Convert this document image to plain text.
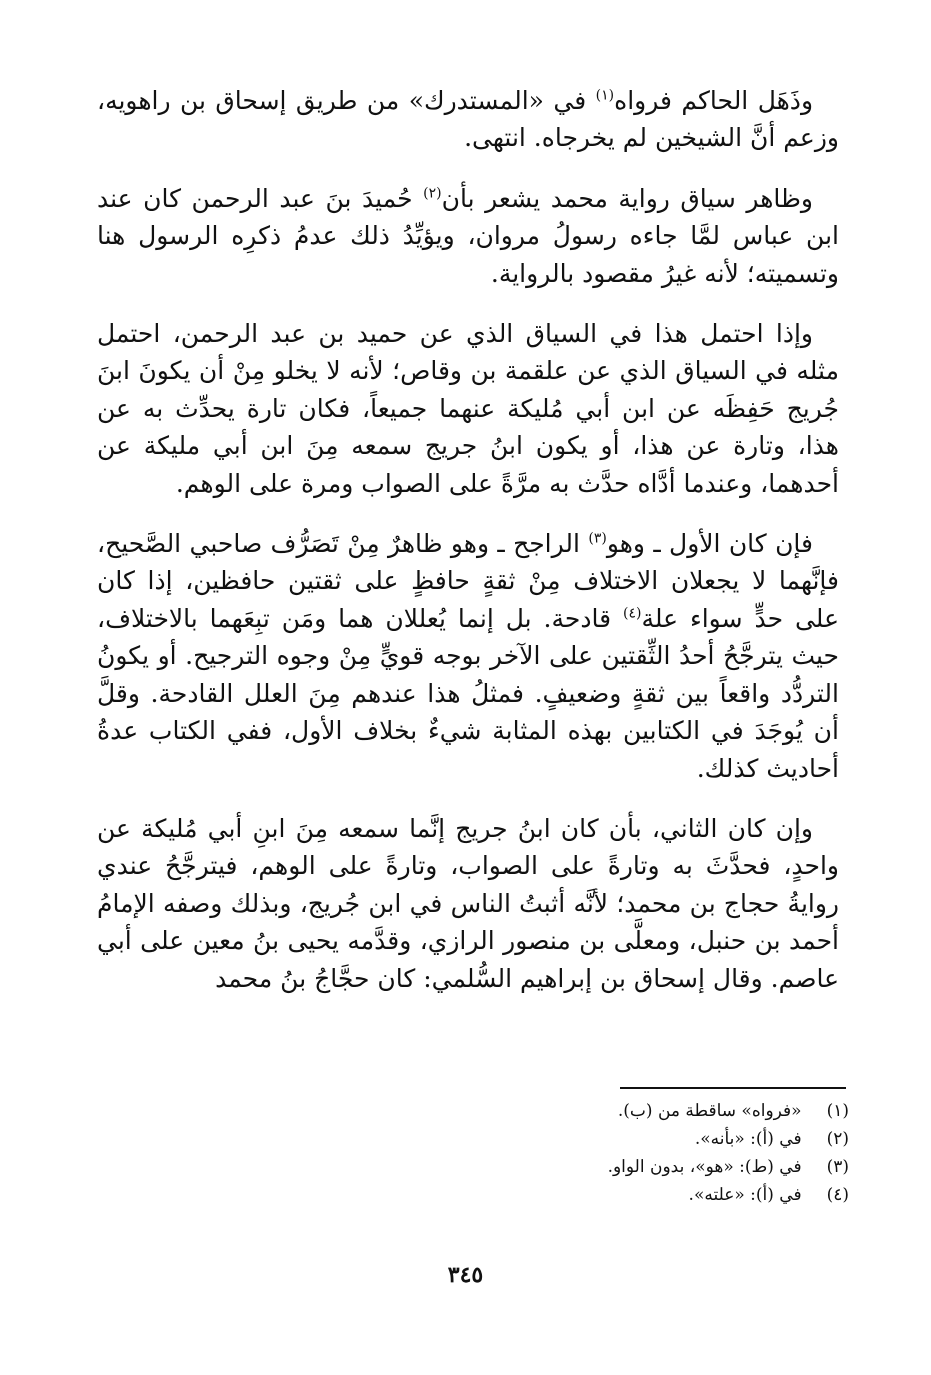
وذَهَل الحاكم فرواه$^{(١)}$ في «المستدرك» من طريق إسحاق بن راهويه، وزعم أنَّ الشيخين لم يخرجاه. انتهى.

وظاهر سياق رواية محمد يشعر بأن$^{(٢)}$ حُميدَ بنَ عبد الرحمن كان عند ابن عباس لمَّا جاءه رسولُ مروان، ويؤيِّدُ ذلك عدمُ ذكرِه الرسول هنا وتسميته؛ لأنه غيرُ مقصود بالرواية.

وإذا احتمل هذا في السياق الذي عن حميد بن عبد الرحمن، احتمل مثله في السياق الذي عن علقمة بن وقاص؛ لأنه لا يخلو مِنْ أن يكونَ ابنَ جُريج حَفِظَه عن ابن أبي مُليكة عنهما جميعاً، فكان تارة يحدِّث به عن هذا، وتارة عن هذا، أو يكون ابنُ جريج سمعه مِنَ ابن أبي مليكة عن أحدهما، وعندما أدَّاه حدَّث به مرَّةً على الصواب ومرة على الوهم.

فإن كان الأول ـ وهو$^{(٣)}$ الراجح ـ وهو ظاهرٌ مِنْ تَصَرُّف صاحبي الصَّحيح، فإنَّهما لا يجعلان الاختلاف مِنْ ثقةٍ حافظٍ على ثقتين حافظين، إذا كان على حدٍّ سواء علة$^{(٤)}$ قادحة. بل إنما يُعللان هما ومَن تبِعَهما بالاختلاف، حيث يترجَّحُ أحدُ الثِّقتين على الآخر بوجه قويٍّ مِنْ وجوه الترجيح. أو يكونُ التردُّد واقعاً بين ثقةٍ وضعيفٍ. فمثلُ هذا عندهم مِنَ العلل القادحة. وقلَّ أن يُوجَدَ في الكتابين بهذه المثابة شيءٌ بخلاف الأول، ففي الكتاب عدةُ أحاديث كذلك.

وإن كان الثاني، بأن كان ابنُ جريج إنَّما سمعه مِنَ ابنِ أبي مُليكة عن واحدٍ، فحدَّثَ به وتارةً على الصواب، وتارةً على الوهم، فيترجَّحُ عندي روايةُ حجاج بن محمد؛ لأنَّه أثبتُ الناس في ابن جُريج، وبذلك وصفه الإمامُ أحمد بن حنبل، ومعلَّى بن منصور الرازي، وقدَّمه يحيى بنُ معين على أبي عاصم. وقال إسحاق بن إبراهيم السُّلمي: كان حجَّاجُ بنُ محمد

(١) «فرواه» ساقطة من (ب).
(٢) في (أ): «بأنه».
(٣) في (ط): «هو»، بدون الواو.
(٤) في (أ): «علته».
٣٤٥
